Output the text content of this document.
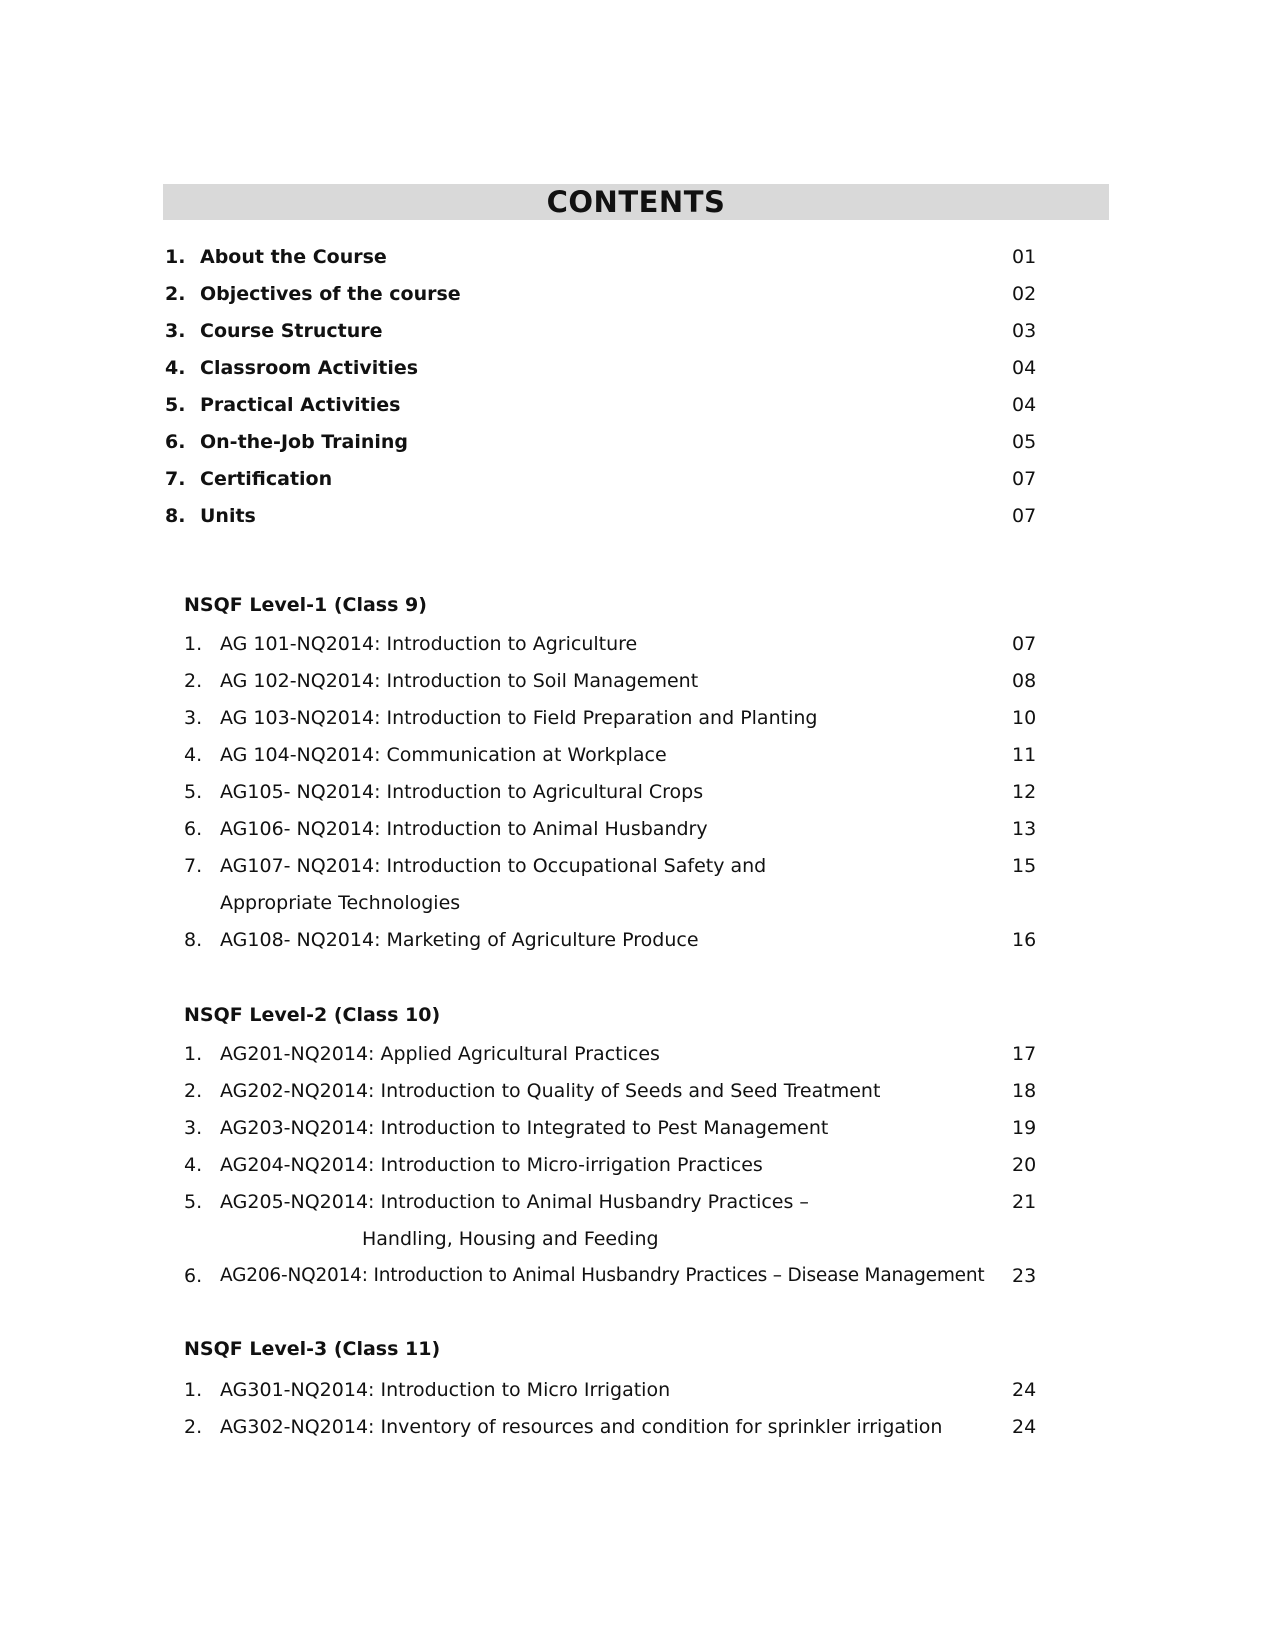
CONTENTS
1. About the Course	01
2. Objectives of the course	02
3. Course Structure	03
4. Classroom Activities	04
5. Practical Activities	04
6. On-the-Job Training	05
7. Certification	07
8. Units	07
NSQF Level-1 (Class 9)
1. AG 101-NQ2014: Introduction to Agriculture	07
2. AG 102-NQ2014: Introduction to Soil Management	08
3. AG 103-NQ2014: Introduction to Field Preparation and Planting	10
4. AG 104-NQ2014: Communication at Workplace	11
5. AG105- NQ2014: Introduction to Agricultural Crops	12
6. AG106- NQ2014: Introduction to Animal Husbandry	13
7. AG107- NQ2014: Introduction to Occupational Safety and	15
Appropriate Technologies
8. AG108- NQ2014: Marketing of Agriculture Produce	16
NSQF Level-2 (Class 10)
1. AG201-NQ2014: Applied Agricultural Practices	17
2. AG202-NQ2014: Introduction to Quality of Seeds and Seed Treatment	18
3. AG203-NQ2014: Introduction to Integrated to Pest Management	19
4. AG204-NQ2014: Introduction to Micro-irrigation Practices	20
5. AG205-NQ2014: Introduction to Animal Husbandry Practices –	21
Handling, Housing and Feeding
6. AG206-NQ2014: Introduction to Animal Husbandry Practices – Disease Management 23
NSQF Level-3 (Class 11)
1. AG301-NQ2014: Introduction to Micro Irrigation	24
2. AG302-NQ2014: Inventory of resources and condition for sprinkler irrigation	24
